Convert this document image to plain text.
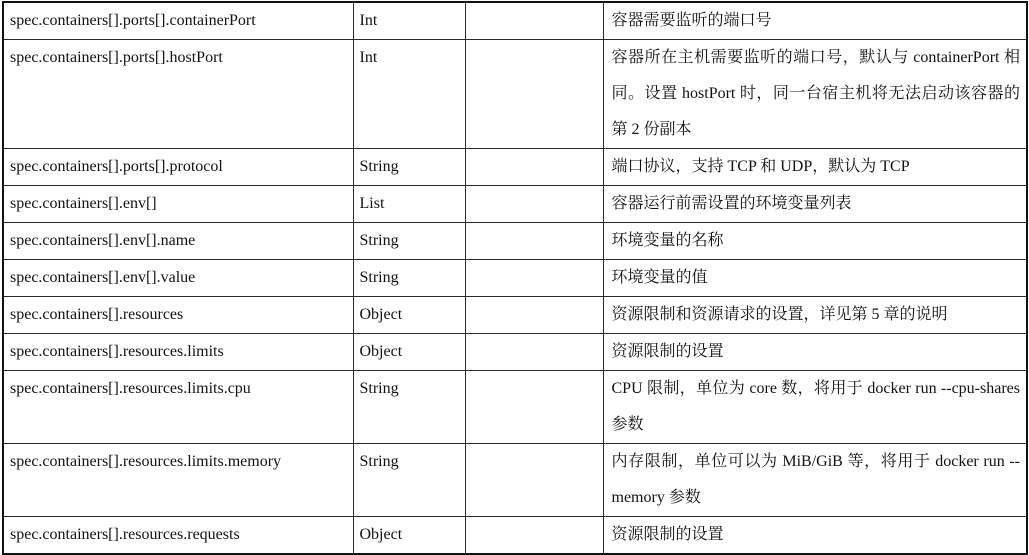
spec.containers[].ports[].containerPort	Int		容器需要监听的端口号
spec.containers[].ports[].hostPort	Int		容器所在主机需要监听的端口号，默认与 containerPort 相同。设置 hostPort 时，同一台宿主机将无法启动该容器的第 2 份副本
spec.containers[].ports[].protocol	String		端口协议，支持 TCP 和 UDP，默认为 TCP
spec.containers[].env[]	List		容器运行前需设置的环境变量列表
spec.containers[].env[].name	String		环境变量的名称
spec.containers[].env[].value	String		环境变量的值
spec.containers[].resources	Object		资源限制和资源请求的设置，详见第 5 章的说明
spec.containers[].resources.limits	Object		资源限制的设置
spec.containers[].resources.limits.cpu	String		CPU 限制，单位为 core 数，将用于 docker run --cpu-shares 参数
spec.containers[].resources.limits.memory	String		内存限制，单位可以为 MiB/GiB 等，将用于 docker run --memory 参数
spec.containers[].resources.requests	Object		资源限制的设置
